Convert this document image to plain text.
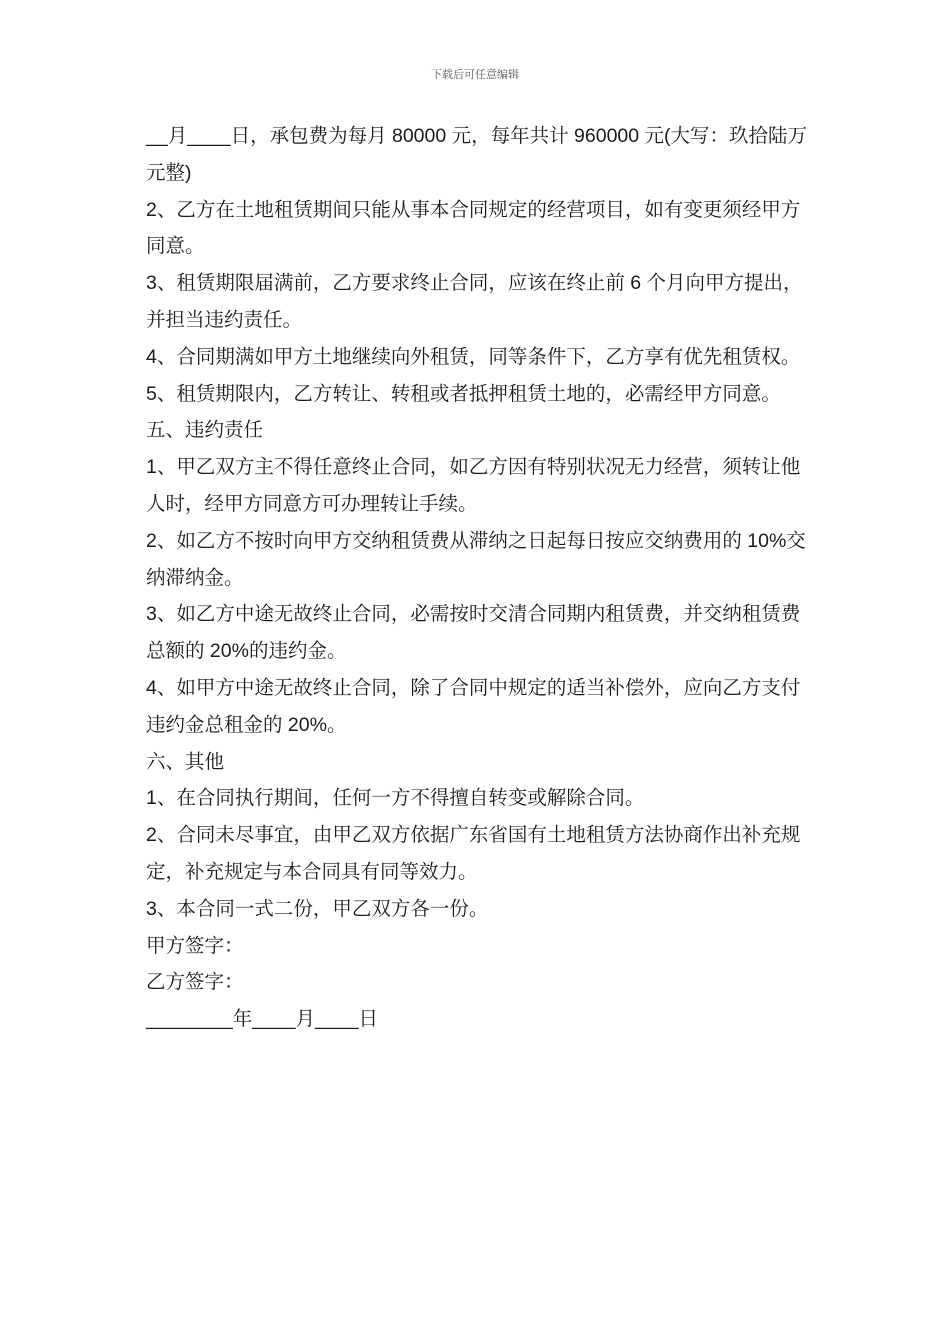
下载后可任意编辑

__月____日，承包费为每月 80000 元，每年共计 960000 元(大写：玖拾陆万元整)

2、乙方在土地租赁期间只能从事本合同规定的经营项目，如有变更须经甲方同意。

3、租赁期限届满前，乙方要求终止合同，应该在终止前 6 个月向甲方提出，并担当违约责任。

4、合同期满如甲方土地继续向外租赁，同等条件下，乙方享有优先租赁权。

5、租赁期限内，乙方转让、转租或者抵押租赁土地的，必需经甲方同意。

五、违约责任

1、甲乙双方主不得任意终止合同，如乙方因有特别状况无力经营，须转让他人时，经甲方同意方可办理转让手续。

2、如乙方不按时向甲方交纳租赁费从滞纳之日起每日按应交纳费用的 10%交纳滞纳金。

3、如乙方中途无故终止合同，必需按时交清合同期内租赁费，并交纳租赁费总额的 20%的违约金。

4、如甲方中途无故终止合同，除了合同中规定的适当补偿外，应向乙方支付违约金总租金的 20%。

六、其他

1、在合同执行期间，任何一方不得擅自转变或解除合同。

2、合同未尽事宜，由甲乙双方依据广东省国有土地租赁方法协商作出补充规定，补充规定与本合同具有同等效力。

3、本合同一式二份，甲乙双方各一份。

甲方签字：

乙方签字：

________年____月____日
